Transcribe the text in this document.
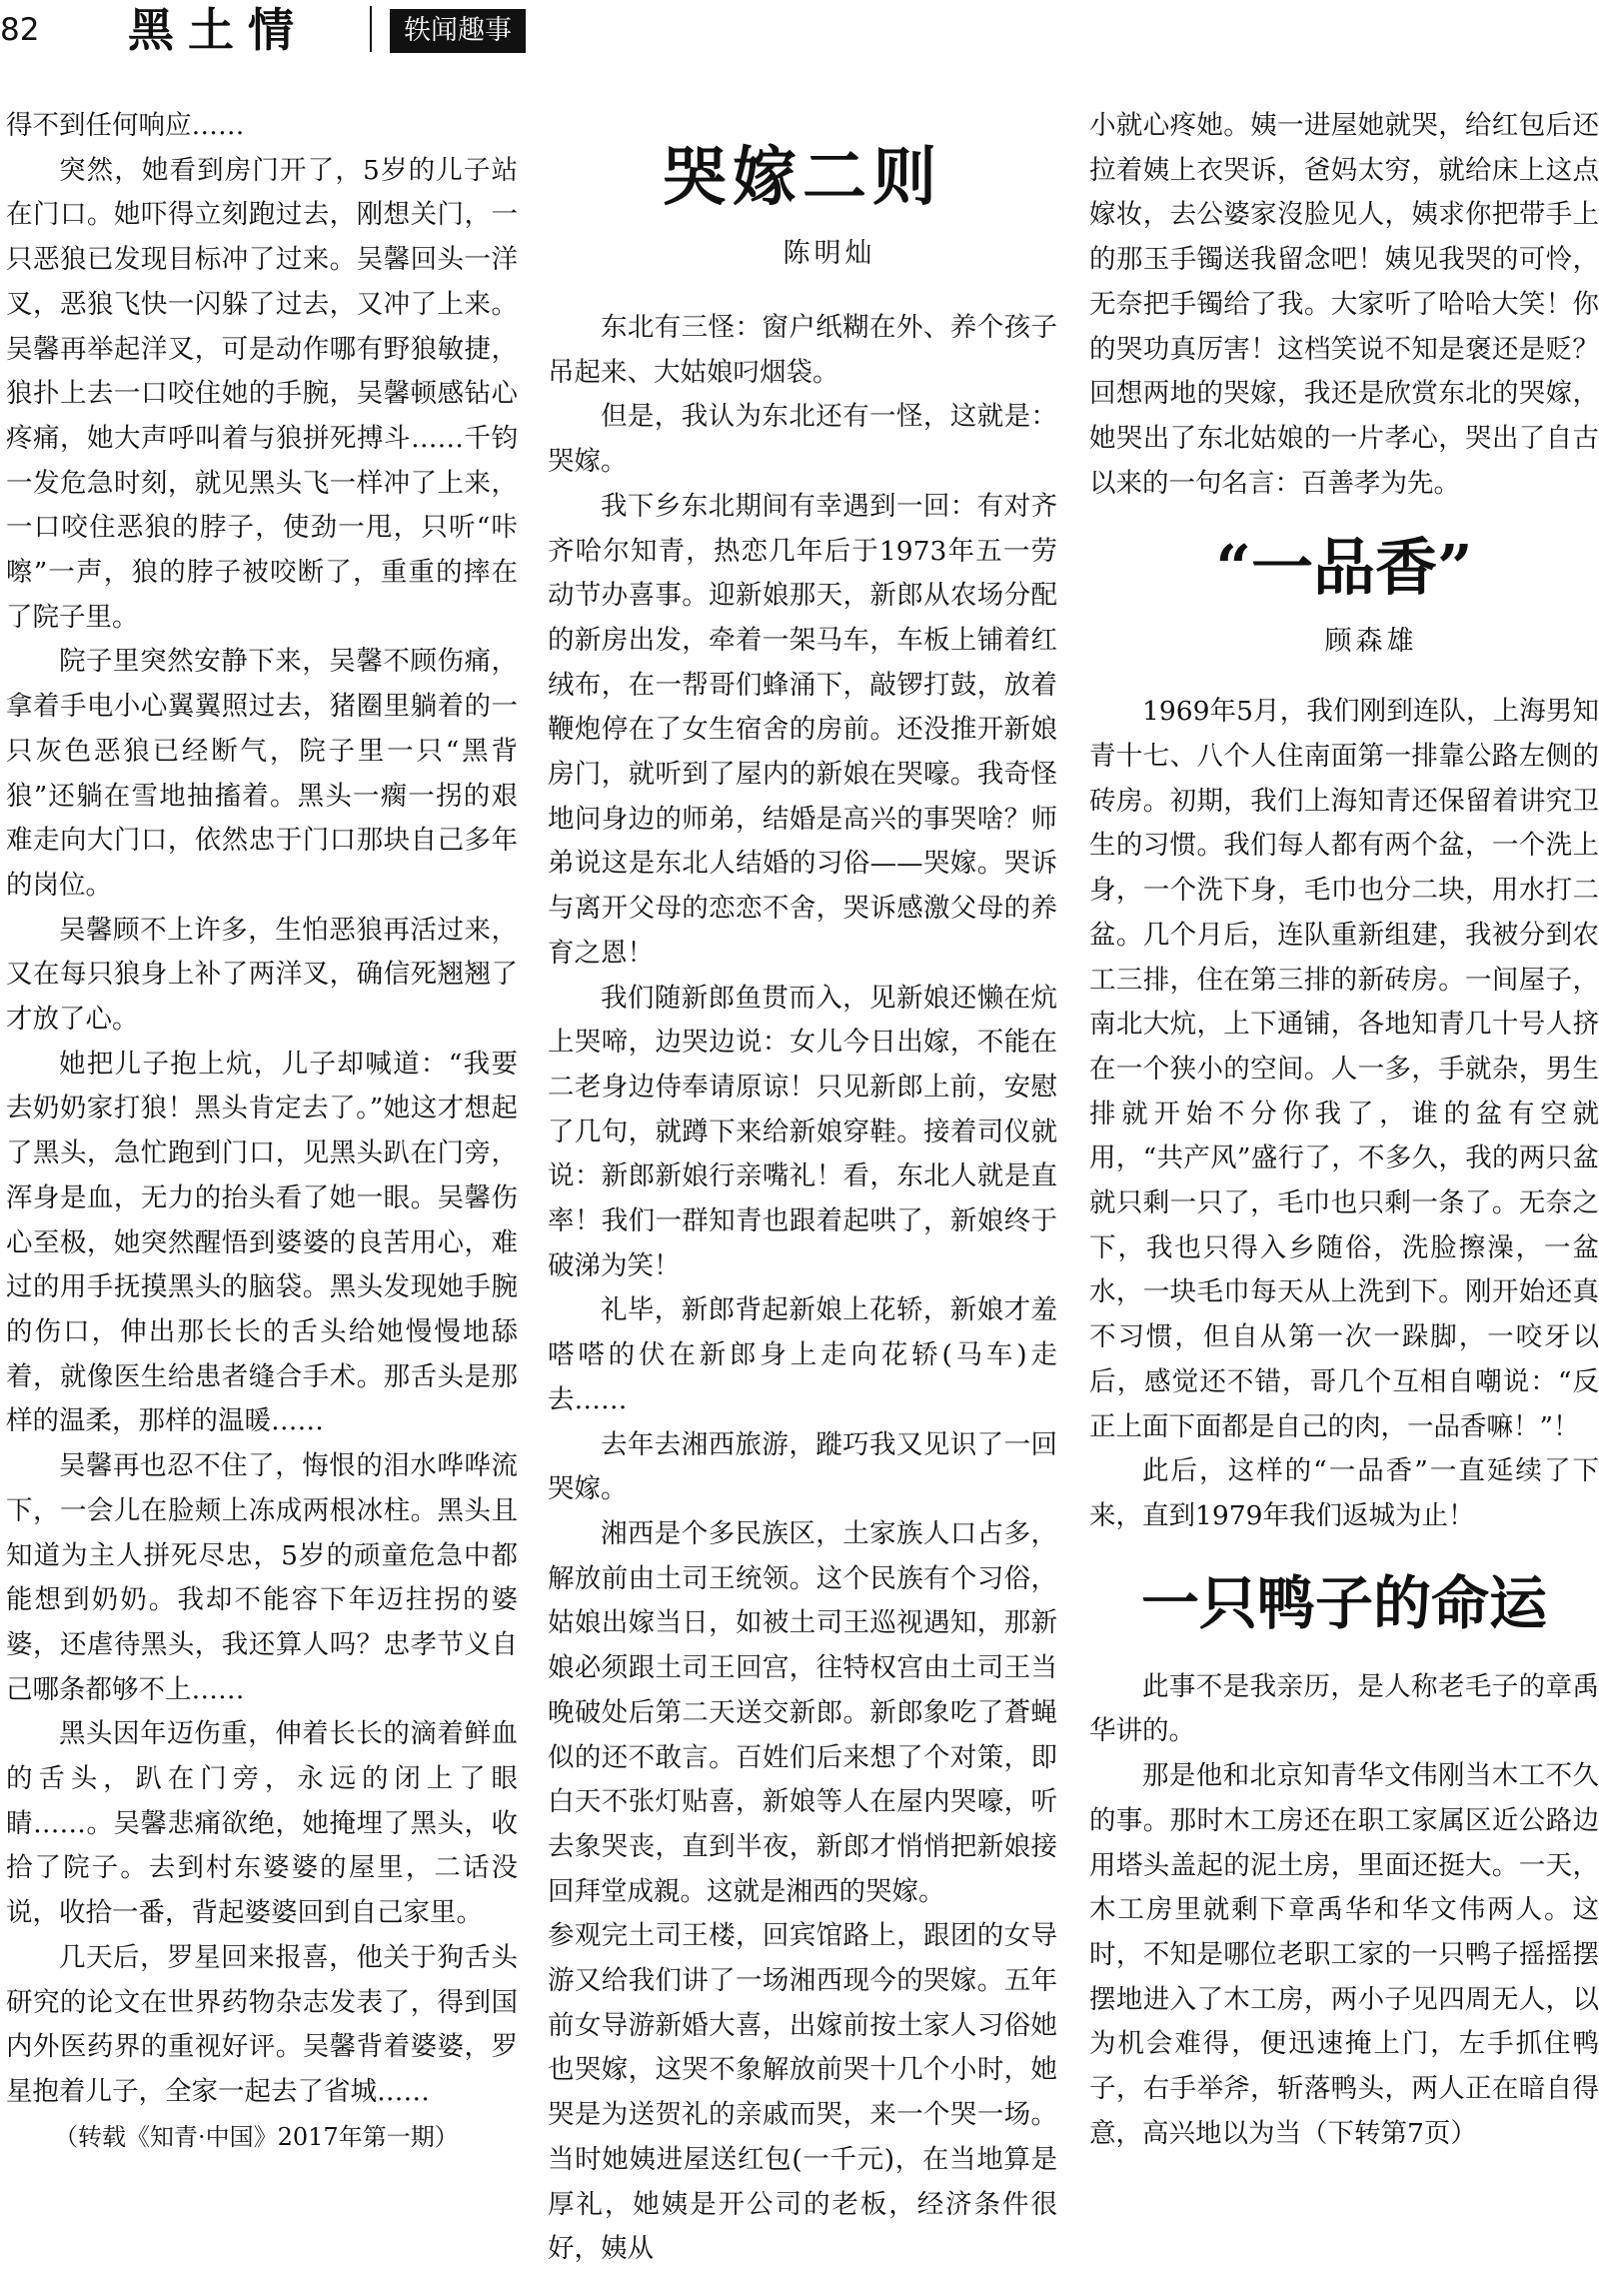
82 黑土情	轶闻趣事

得不到任何响应……

突然，她看到房门开了，5岁的儿子站在门口。她吓得立刻跑过去，刚想关门，一只恶狼已发现目标冲了过来。吴馨回头一洋叉，恶狼飞快一闪躲了过去，又冲了上来。吴馨再举起洋叉，可是动作哪有野狼敏捷，狼扑上去一口咬住她的手腕，吴馨顿感钻心疼痛，她大声呼叫着与狼拼死搏斗……千钧一发危急时刻，就见黑头飞一样冲了上来，一口咬住恶狼的脖子，使劲一甩，只听“咔嚓”一声，狼的脖子被咬断了，重重的摔在了院子里。

院子里突然安静下来，吴馨不顾伤痛，拿着手电小心翼翼照过去，猪圈里躺着的一只灰色恶狼已经断气，院子里一只“黑背狼”还躺在雪地抽搐着。黑头一瘸一拐的艰难走向大门口，依然忠于门口那块自己多年的岗位。

吴馨顾不上许多，生怕恶狼再活过来，又在每只狼身上补了两洋叉，确信死翘翘了才放了心。

她把儿子抱上炕，儿子却喊道：“我要去奶奶家打狼！黑头肯定去了。”她这才想起了黑头，急忙跑到门口，见黑头趴在门旁，浑身是血，无力的抬头看了她一眼。吴馨伤心至极，她突然醒悟到婆婆的良苦用心，难过的用手抚摸黑头的脑袋。黑头发现她手腕的伤口，伸出那长长的舌头给她慢慢地舔着，就像医生给患者缝合手术。那舌头是那样的温柔，那样的温暖……

吴馨再也忍不住了，悔恨的泪水哗哗流下，一会儿在脸颊上冻成两根冰柱。黑头且知道为主人拼死尽忠，5岁的顽童危急中都能想到奶奶。我却不能容下年迈拄拐的婆婆，还虐待黑头，我还算人吗？忠孝节义自己哪条都够不上……

黑头因年迈伤重，伸着长长的滴着鲜血的舌头，趴在门旁，永远的闭上了眼睛……。吴馨悲痛欲绝，她掩埋了黑头，收拾了院子。去到村东婆婆的屋里，二话没说，收拾一番，背起婆婆回到自己家里。

几天后，罗星回来报喜，他关于狗舌头研究的论文在世界药物杂志发表了，得到国内外医药界的重视好评。吴馨背着婆婆，罗星抱着儿子，全家一起去了省城……

（转载《知青·中国》2017年第一期）

哭嫁二则

陈明灿

东北有三怪：窗户纸糊在外、养个孩子吊起来、大姑娘叼烟袋。

但是，我认为东北还有一怪，这就是：哭嫁。

我下乡东北期间有幸遇到一回：有对齐齐哈尔知青，热恋几年后于1973年五一劳动节办喜事。迎新娘那天，新郎从农场分配的新房出发，牵着一架马车，车板上铺着红绒布，在一帮哥们蜂涌下，敲锣打鼓，放着鞭炮停在了女生宿舍的房前。还没推开新娘房门，就听到了屋内的新娘在哭嚎。我奇怪地问身边的师弟，结婚是高兴的事哭啥？师弟说这是东北人结婚的习俗——哭嫁。哭诉与离开父母的恋恋不舍，哭诉感激父母的养育之恩！

我们随新郎鱼贯而入，见新娘还懒在炕上哭啼，边哭边说：女儿今日出嫁，不能在二老身边侍奉请原谅！只见新郎上前，安慰了几句，就蹲下来给新娘穿鞋。接着司仪就说：新郎新娘行亲嘴礼！看，东北人就是直率！我们一群知青也跟着起哄了，新娘终于破涕为笑！

礼毕，新郎背起新娘上花轿，新娘才羞嗒嗒的伏在新郎身上走向花轿(马车)走去……

去年去湘西旅游，蹝巧我又见识了一回哭嫁。

湘西是个多民族区，土家族人口占多，解放前由土司王统领。这个民族有个习俗，姑娘出嫁当日，如被土司王巡视遇知，那新娘必须跟土司王回宫，往特权宫由土司王当晚破处后第二天送交新郎。新郎象吃了蒼蝇似的还不敢言。百姓们后来想了个对策，即白天不张灯贴喜，新娘等人在屋内哭嚎，听去象哭丧，直到半夜，新郎才悄悄把新娘接回拜堂成親。这就是湘西的哭嫁。

参观完土司王楼，回宾馆路上，跟团的女导游又给我们讲了一场湘西现今的哭嫁。五年前女导游新婚大喜，出嫁前按土家人习俗她也哭嫁，这哭不象解放前哭十几个小时，她哭是为送贺礼的亲戚而哭，来一个哭一场。当时她姨进屋送红包(一千元)，在当地算是厚礼，她姨是开公司的老板，经济条件很好，姨从

小就心疼她。姨一进屋她就哭，给红包后还拉着姨上衣哭诉，爸妈太穷，就给床上这点嫁妆，去公婆家沒脸见人，姨求你把带手上的那玉手镯送我留念吧！姨见我哭的可怜，无奈把手镯给了我。大家听了哈哈大笑！你的哭功真厉害！这档笑说不知是褒还是贬？回想两地的哭嫁，我还是欣赏东北的哭嫁，她哭出了东北姑娘的一片孝心，哭出了自古以来的一句名言：百善孝为先。

“一品香”

顾森雄

1969年5月，我们刚到连队，上海男知青十七、八个人住南面第一排靠公路左侧的砖房。初期，我们上海知青还保留着讲究卫生的习惯。我们每人都有两个盆，一个洗上身，一个洗下身，毛巾也分二块，用水打二盆。几个月后，连队重新组建，我被分到农工三排，住在第三排的新砖房。一间屋子，南北大炕，上下通铺，各地知青几十号人挤在一个狭小的空间。人一多，手就杂，男生排就开始不分你我了，谁的盆有空就用，“共产风”盛行了，不多久，我的两只盆就只剩一只了，毛巾也只剩一条了。无奈之下，我也只得入乡随俗，洗脸擦澡，一盆水，一块毛巾每天从上洗到下。刚开始还真不习惯，但自从第一次一跺脚，一咬牙以后，感觉还不错，哥几个互相自嘲说：“反正上面下面都是自己的肉，一品香嘛！”！

此后，这样的“一品香”一直延续了下来，直到1979年我们返城为止！

一只鸭子的命运

此事不是我亲历，是人称老毛子的章禹华讲的。

那是他和北京知青华文伟刚当木工不久的事。那时木工房还在职工家属区近公路边用塔头盖起的泥土房，里面还挺大。一天，木工房里就剩下章禹华和华文伟两人。这时，不知是哪位老职工家的一只鸭子摇摇摆摆地进入了木工房，两小子见四周无人，以为机会难得，便迅速掩上门，左手抓住鸭子，右手举斧，斩落鸭头，两人正在暗自得意，高兴地以为当（下转第7页）
